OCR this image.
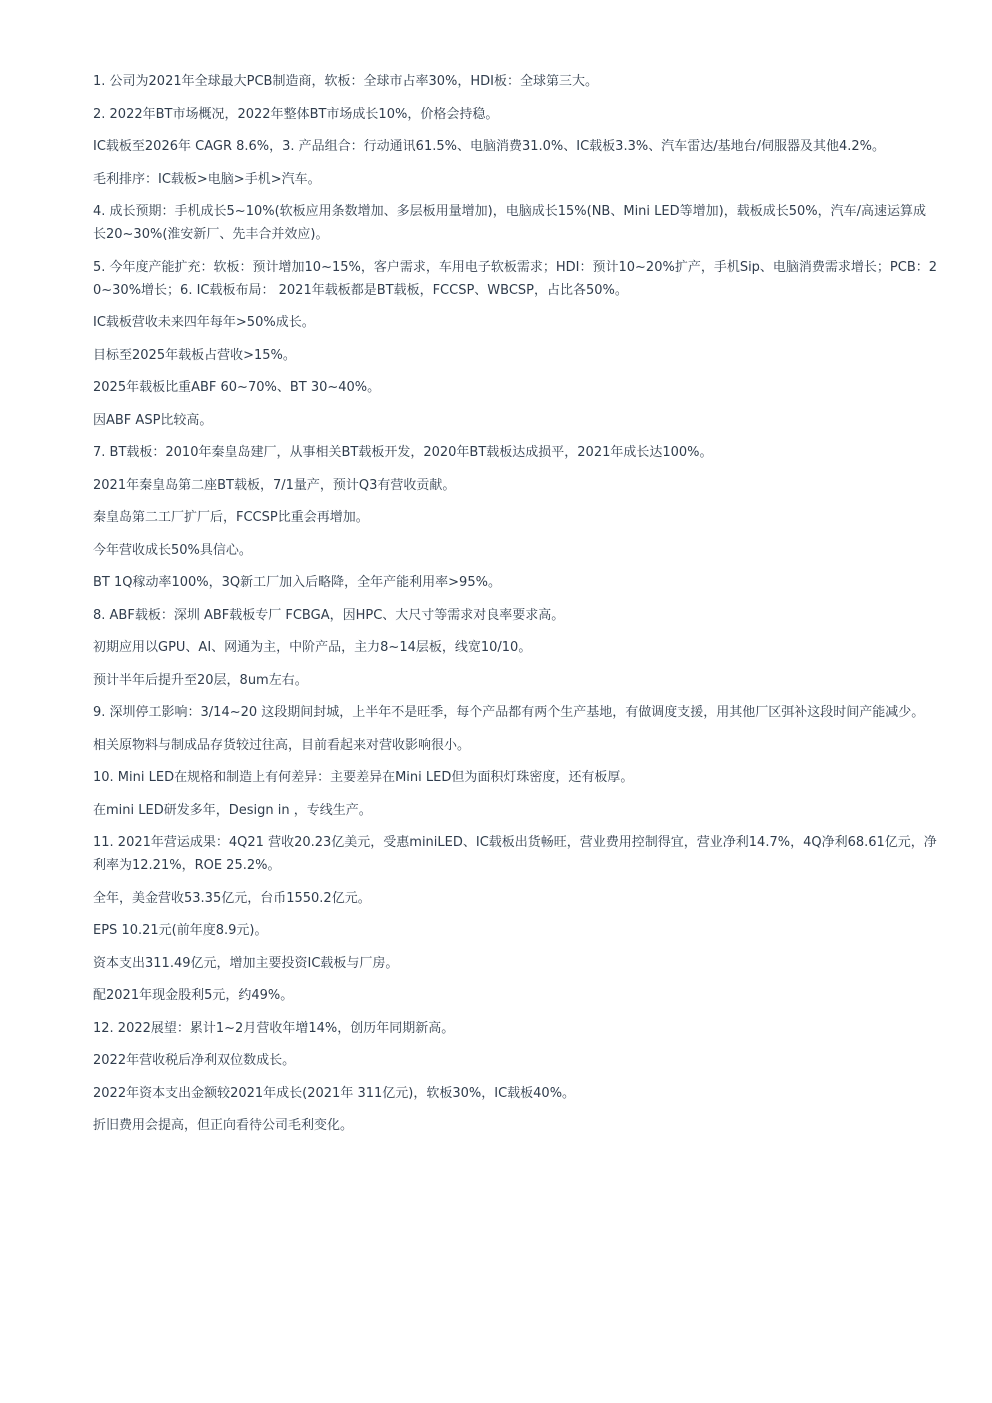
1. 公司为2021年全球最大PCB制造商，软板：全球市占率30%，HDI板：全球第三大。

2. 2022年BT市场概况，2022年整体BT市场成长10%，价格会持稳。

IC载板至2026年 CAGR 8.6%，3. 产品组合：行动通讯61.5%、电脑消费31.0%、IC载板3.3%、汽车雷达/基地台/伺服器及其他4.2%。

毛利排序：IC载板>电脑>手机>汽车。

4. 成长预期：手机成长5~10%(软板应用条数增加、多层板用量增加)，电脑成长15%(NB、Mini LED等增加)，载板成长50%，汽车/高速运算成长20~30%(淮安新厂、先丰合并效应)。

5. 今年度产能扩充：软板：预计增加10~15%，客户需求，车用电子软板需求；HDI：预计10~20%扩产，手机Sip、电脑消费需求增长；PCB：20~30%增长；6. IC载板布局： 2021年载板都是BT载板，FCCSP、WBCSP，占比各50%。

IC载板营收未来四年每年>50%成长。

目标至2025年载板占营收>15%。

2025年载板比重ABF 60~70%、BT 30~40%。

因ABF ASP比较高。

7. BT载板：2010年秦皇岛建厂，从事相关BT载板开发，2020年BT载板达成损平，2021年成长达100%。

2021年秦皇岛第二座BT载板，7/1量产，预计Q3有营收贡献。

秦皇岛第二工厂扩厂后，FCCSP比重会再增加。

今年营收成长50%具信心。

BT 1Q稼动率100%，3Q新工厂加入后略降，全年产能利用率>95%。

8. ABF载板：深圳 ABF载板专厂 FCBGA，因HPC、大尺寸等需求对良率要求高。

初期应用以GPU、AI、网通为主，中阶产品，主力8~14层板，线宽10/10。

预计半年后提升至20层，8um左右。

9. 深圳停工影响：3/14~20 这段期间封城，上半年不是旺季，每个产品都有两个生产基地，有做调度支援，用其他厂区弭补这段时间产能减少。

相关原物料与制成品存货较过往高，目前看起来对营收影响很小。

10. Mini LED在规格和制造上有何差异：主要差异在Mini LED但为面积灯珠密度，还有板厚。

在mini LED研发多年，Design in ，专线生产。

11. 2021年营运成果：4Q21 营收20.23亿美元，受惠miniLED、IC载板出货畅旺，营业费用控制得宜，营业净利14.7%，4Q净利68.61亿元，净利率为12.21%，ROE 25.2%。

全年，美金营收53.35亿元，台币1550.2亿元。

EPS 10.21元(前年度8.9元)。

资本支出311.49亿元，增加主要投资IC载板与厂房。

配2021年现金股利5元，约49%。

12. 2022展望：累计1~2月营收年增14%，创历年同期新高。

2022年营收税后净利双位数成长。

2022年资本支出金额较2021年成长(2021年 311亿元)，软板30%，IC载板40%。

折旧费用会提高，但正向看待公司毛利变化。
